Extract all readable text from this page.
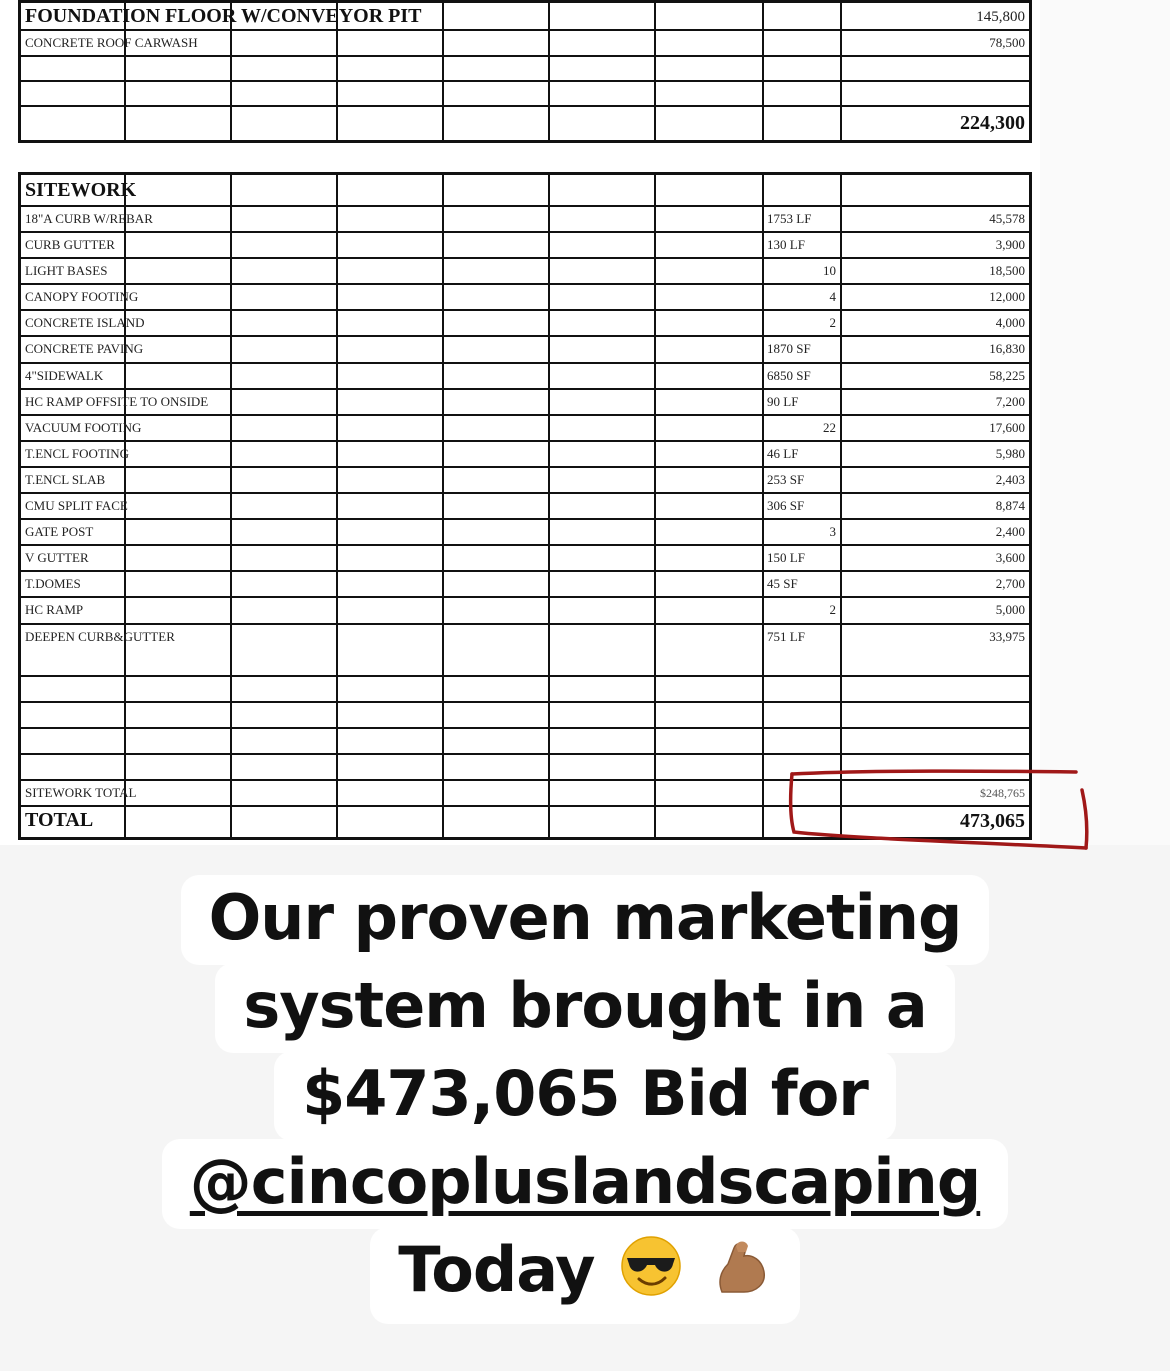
FOUNDATION FLOOR W/CONVEYOR PIT	145,800
CONCRETE ROOF CARWASH	78,500
224,300
SITEWORK
18"A CURB W/REBAR	1753 LF	45,578
CURB GUTTER	130 LF	3,900
LIGHT BASES	10	18,500
CANOPY FOOTING	4	12,000
CONCRETE ISLAND	2	4,000
CONCRETE PAVING	1870 SF	16,830
4"SIDEWALK	6850 SF	58,225
HC RAMP OFFSITE TO ONSIDE	90 LF	7,200
VACUUM FOOTING	22	17,600
T.ENCL FOOTING	46 LF	5,980
T.ENCL SLAB	253 SF	2,403
CMU SPLIT FACE	306 SF	8,874
GATE POST	3	2,400
V GUTTER	150 LF	3,600
T.DOMES	45 SF	2,700
HC RAMP	2	5,000
DEEPEN CURB&GUTTER	751 LF	33,975
SITEWORK TOTAL	$248,765
TOTAL	473,065
Our proven marketing
system brought in a
$473,065 Bid for
@cincopluslandscaping
Today
